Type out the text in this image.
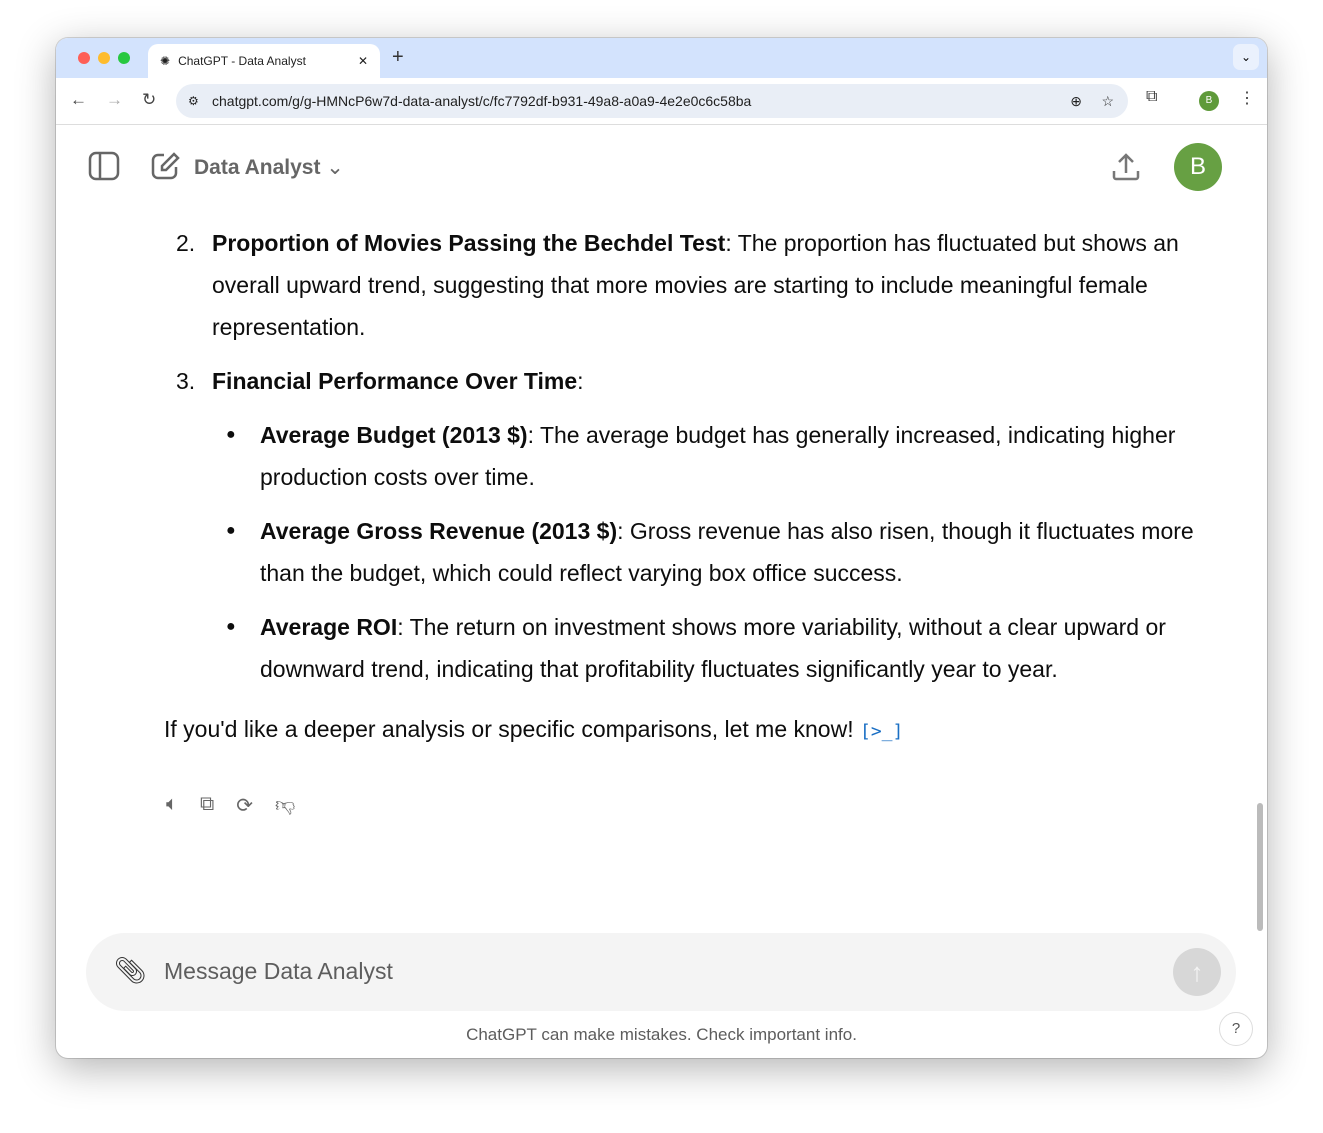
✺ ChatGPT - Data Analyst	✕ +	⌄
← → ↻	⚙ chatgpt.com/g/g-HMNcP6w7d-data-analyst/c/fc7792df-b931-49a8-a0a9-4e2e0c6c58ba	⊕ ☆ ⧉	B	⋮
Data Analyst ⌄	B
2. Proportion of Movies Passing the Bechdel Test: The proportion has fluctuated but shows an overall upward trend, suggesting that more movies are starting to include meaningful female representation.
3. Financial Performance Over Time:
● Average Budget (2013 $): The average budget has generally increased, indicating higher production costs over time.
● Average Gross Revenue (2013 $): Gross revenue has also risen, though it fluctuates more than the budget, which could reflect varying box office success.
● Average ROI: The return on investment shows more variability, without a clear upward or downward trend, indicating that profitability fluctuates significantly year to year.
If you'd like a deeper analysis or specific comparisons, let me know! [>_]
🔈︎ ⧉ ⟳ 👎︎
📎︎ Message Data Analyst	↑
ChatGPT can make mistakes. Check important info.	?
